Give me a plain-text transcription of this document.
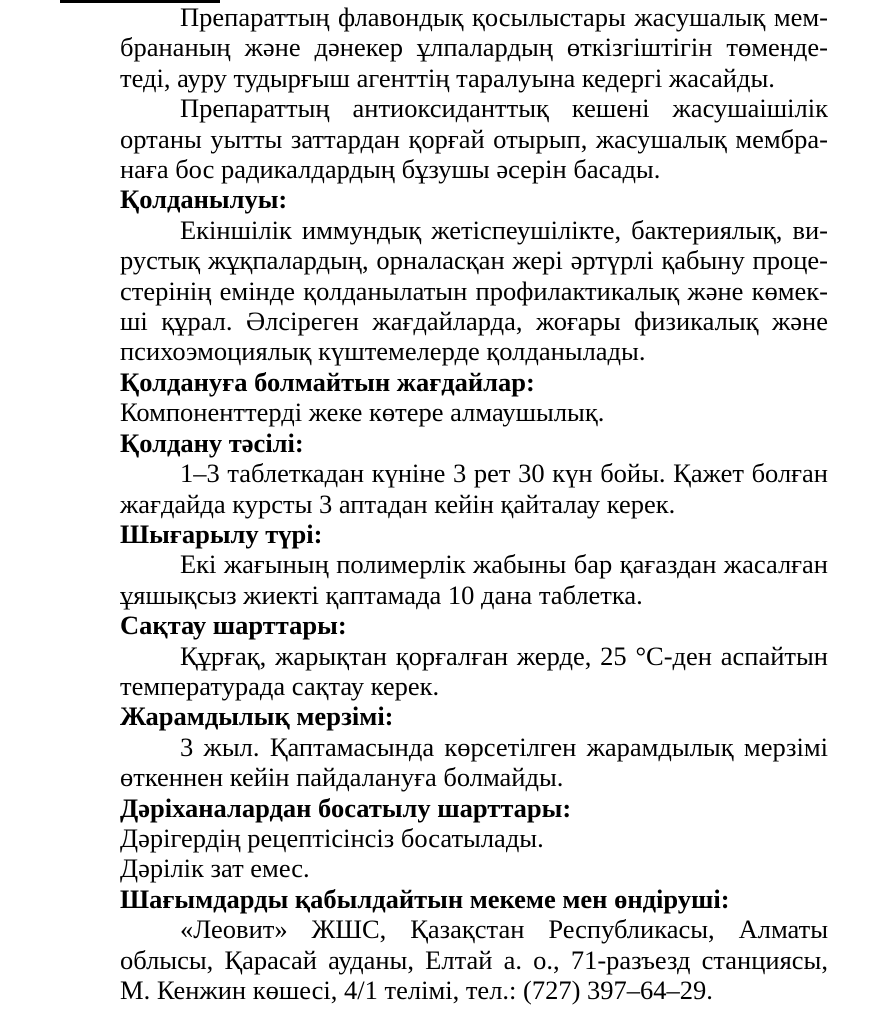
Препараттың флавондық қосылыстары жасушалық мем-
брананың және дәнекер ұлпалардың өткізгіштігін төменде-
теді, ауру тудырғыш агенттің таралуына кедергі жасайды.
Препараттың антиоксиданттық кешені жасушаішілік
ортаны уытты заттардан қорғай отырып, жасушалық мембра-
наға бос радикалдардың бұзушы әсерін басады.

Қолданылуы:

Екіншілік иммундық жетіспеушілікте, бактериялық, ви-
рустық жұқпалардың, орналасқан жері әртүрлі қабыну проце-
стерінің емінде қолданылатын профилактикалық және көмек-
ші құрал. Әлсіреген жағдайларда, жоғары физикалық және
психоэмоциялық күштемелерде қолданылады.

Қолдануға болмайтын жағдайлар:

Компоненттерді жеке көтере алмаушылық.

Қолдану тәсілі:

1–3 таблеткадан күніне 3 рет 30 күн бойы. Қажет болған
жағдайда курсты 3 аптадан кейін қайталау керек.

Шығарылу түрі:

Екі жағының полимерлік жабыны бар қағаздан жасалған
ұяшықсыз жиекті қаптамада 10 дана таблетка.

Сақтау шарттары:

Құрғақ, жарықтан қорғалған жерде, 25 °С-ден аспайтын
температурада сақтау керек.

Жарамдылық мерзімі:

3 жыл. Қаптамасында көрсетілген жарамдылық мерзімі
өткеннен кейін пайдалануға болмайды.

Дәріханалардан босатылу шарттары:

Дәрігердің рецептісінсіз босатылады.

Дәрілік зат емес.

Шағымдарды қабылдайтын мекеме мен өндіруші:

«Леовит» ЖШС, Қазақстан Республикасы, Алматы
облысы, Қарасай ауданы, Елтай а. о., 71-разъезд станциясы,
М. Кенжин көшесі, 4/1 телімі, тел.: (727) 397–64–29.
